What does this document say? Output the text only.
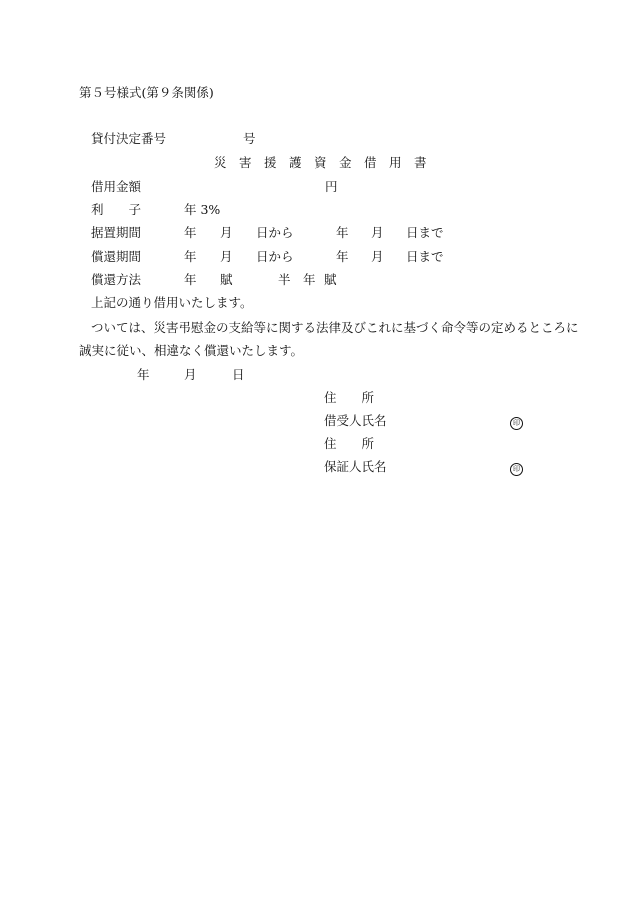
第５号様式(第９条関係)
貸付決定番号	号
災　害　援　護　資　金　借　用　書
借用金額	円
利　　子	年 3%
据置期間	年 月 日から	年 月 日まで
償還期間	年 月 日から	年 月 日まで
償還方法	年 賦	半　年 賦
上記の通り借用いたします。
ついては、災害弔慰金の支給等に関する法律及びこれに基づく命令等の定めるところに
誠実に従い、相違なく償還いたします。
年	月	日
住　　所
借受人氏名	印
住　　所
保証人氏名	印
